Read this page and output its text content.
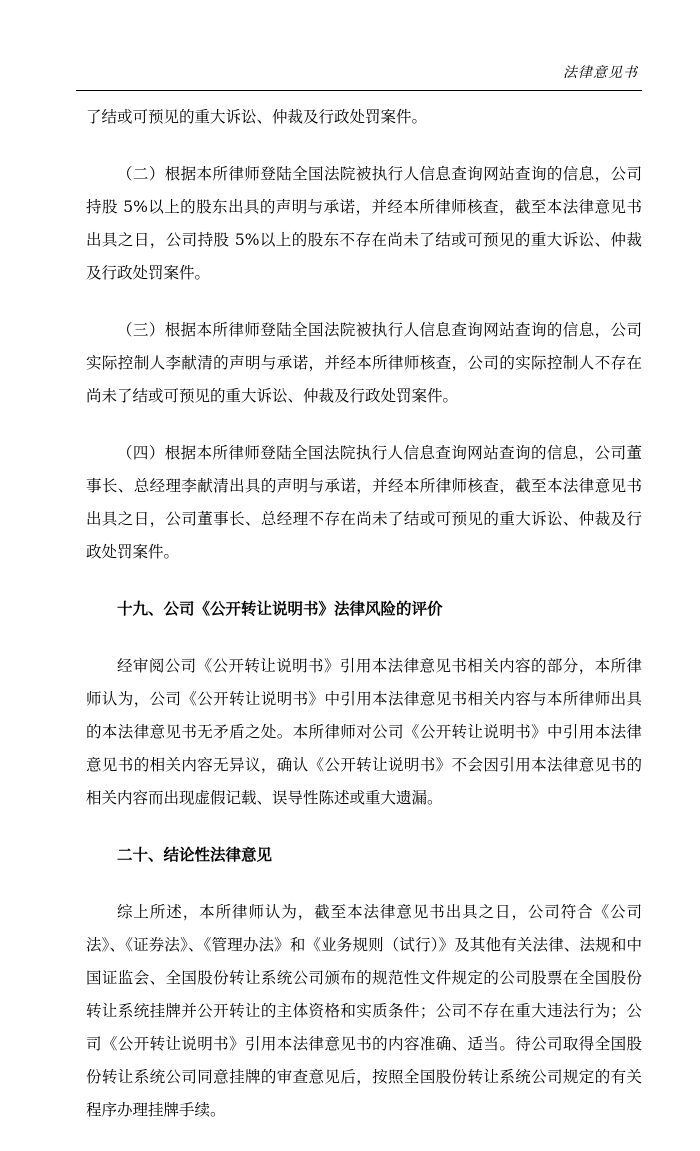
法律意见书

了结或可预见的重大诉讼、仲裁及行政处罚案件。

（二）根据本所律师登陆全国法院被执行人信息查询网站查询的信息，公司持股 5%以上的股东出具的声明与承诺，并经本所律师核查，截至本法律意见书出具之日，公司持股 5%以上的股东不存在尚未了结或可预见的重大诉讼、仲裁及行政处罚案件。

（三）根据本所律师登陆全国法院被执行人信息查询网站查询的信息，公司实际控制人李献清的声明与承诺，并经本所律师核查，公司的实际控制人不存在尚未了结或可预见的重大诉讼、仲裁及行政处罚案件。

（四）根据本所律师登陆全国法院执行人信息查询网站查询的信息，公司董事长、总经理李献清出具的声明与承诺，并经本所律师核查，截至本法律意见书出具之日，公司董事长、总经理不存在尚未了结或可预见的重大诉讼、仲裁及行政处罚案件。

十九、公司《公开转让说明书》法律风险的评价

经审阅公司《公开转让说明书》引用本法律意见书相关内容的部分，本所律师认为，公司《公开转让说明书》中引用本法律意见书相关内容与本所律师出具的本法律意见书无矛盾之处。本所律师对公司《公开转让说明书》中引用本法律意见书的相关内容无异议，确认《公开转让说明书》不会因引用本法律意见书的相关内容而出现虚假记载、误导性陈述或重大遗漏。

二十、结论性法律意见

综上所述，本所律师认为，截至本法律意见书出具之日，公司符合《公司法》、《证券法》、《管理办法》和《业务规则（试行）》及其他有关法律、法规和中国证监会、全国股份转让系统公司颁布的规范性文件规定的公司股票在全国股份转让系统挂牌并公开转让的主体资格和实质条件；公司不存在重大违法行为；公司《公开转让说明书》引用本法律意见书的内容准确、适当。待公司取得全国股份转让系统公司同意挂牌的审查意见后，按照全国股份转让系统公司规定的有关程序办理挂牌手续。
